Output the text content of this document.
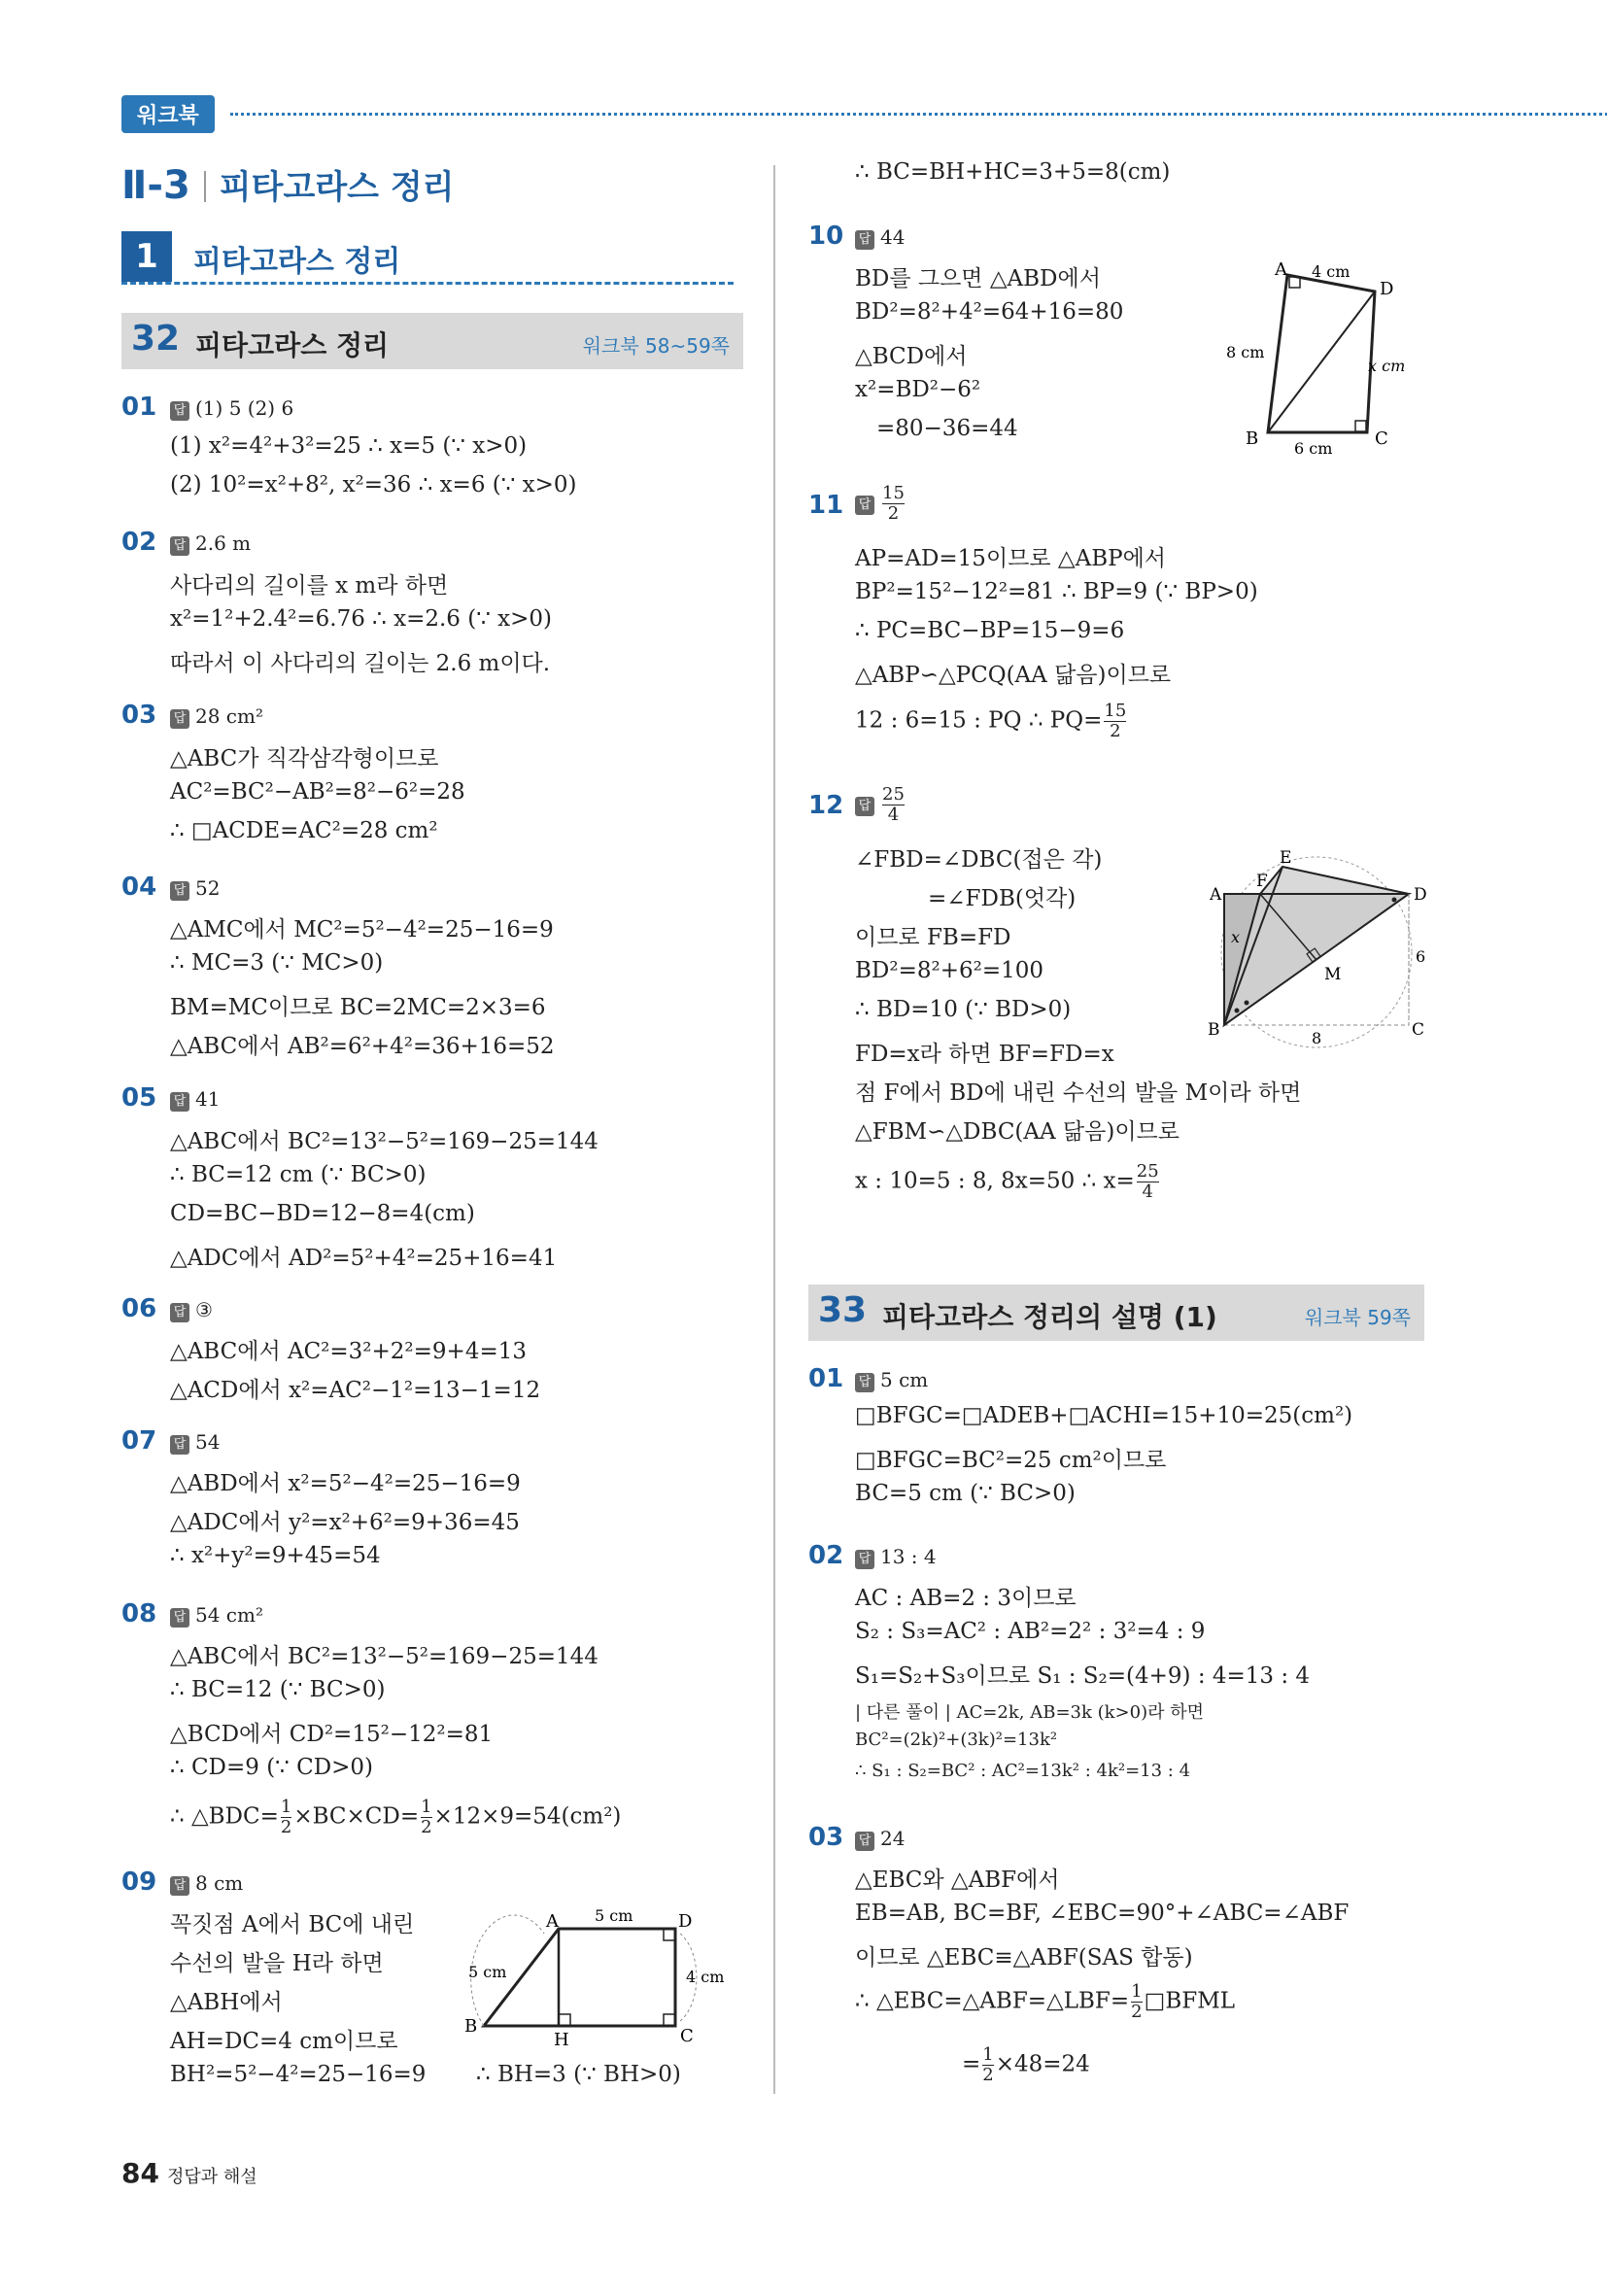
워크북
Ⅱ-3 피타고라스 정리
1	피타고라스 정리
32 피타고라스 정리	워크북 58~59쪽
01 답 (1) 5 (2) 6
(1) x²=4²+3²=25 ∴ x=5 (∵ x>0)
(2) 10²=x²+8², x²=36 ∴ x=6 (∵ x>0)
02 답 2.6 m
사다리의 길이를 x m라 하면
x²=1²+2.4²=6.76 ∴ x=2.6 (∵ x>0)
따라서 이 사다리의 길이는 2.6 m이다.
03 답 28 cm²
△ABC가 직각삼각형이므로
AC²=BC²−AB²=8²−6²=28
∴ □ACDE=AC²=28 cm²
04 답 52
△AMC에서 MC²=5²−4²=25−16=9
∴ MC=3 (∵ MC>0)
BM=MC이므로 BC=2MC=2×3=6
△ABC에서 AB²=6²+4²=36+16=52
05 답 41
△ABC에서 BC²=13²−5²=169−25=144
∴ BC=12 cm (∵ BC>0)
CD=BC−BD=12−8=4(cm)
△ADC에서 AD²=5²+4²=25+16=41
06 답 ③
△ABC에서 AC²=3²+2²=9+4=13
△ACD에서 x²=AC²−1²=13−1=12
07 답 54
△ABD에서 x²=5²−4²=25−16=9
△ADC에서 y²=x²+6²=9+36=45
∴ x²+y²=9+45=54
08 답 54 cm²
△ABC에서 BC²=13²−5²=169−25=144
∴ BC=12 (∵ BC>0)
△BCD에서 CD²=15²−12²=81
∴ CD=9 (∵ CD>0)
∴ △BDC= $\frac{1}{2} \times BC\times CD= \frac{1}{2} \times 12\times 9=54(cm^2)$
09 답 8 cm
꼭짓점 A에서 BC에 내린
수선의 발을 H라 하면
△ABH에서
AH=DC=4 cm이므로
BH²=5²−4²=25−16=9 ∴ BH=3 (∵ BH>0)
A	D
B
H	C
5 cm
5 cm	4 cm
∴ BC=BH+HC=3+5=8(cm)
10 답 44
BD를 그으면 △ABD에서
BD²=8²+4²=64+16=80
△BCD에서
x²=BD²−6²
=80−36=44
A
D
B	C
4 cm
8 cm
x cm
6 cm
11 답 $\frac{15}{2}$
AP=AD=15이므로 △ABP에서
BP²=15²−12²=81 ∴ BP=9 (∵ BP>0)
∴ PC=BC−BP=15−9=6
△ABP∽△PCQ(AA 닮음)이므로
12 : 6=15 : PQ ∴ $PQ= \frac{15}{2}$
12 답 $\frac{25}{4}$
∠FBD=∠DBC(접은 각)
=∠FDB(엇각)
이므로 FB=FD
BD²=8²+6²=100
∴ BD=10 (∵ BD>0)
FD=x라 하면 BF=FD=x
점 F에서 BD에 내린 수선의 발을 M이라 하면
△FBM∽△DBC(AA 닮음)이므로
x : 10=5 : 8, 8x=50 ∴ $x= \frac{25}{4}$
A
F
E
D
B	C
M
x
6
8
33 피타고라스 정리의 설명 (1)	워크북 59쪽
01 답 5 cm
□BFGC=□ADEB+□ACHI=15+10=25(cm²)
□BFGC=BC²=25 cm²이므로
BC=5 cm (∵ BC>0)
02 답 13 : 4
AC : AB=2 : 3이므로
S₂ : S₃=AC² : AB²=2² : 3²=4 : 9
S₁=S₂+S₃이므로 S₁ : S₂=(4+9) : 4=13 : 4
| 다른 풀이 | AC=2k, AB=3k (k>0)라 하면
BC²=(2k)²+(3k)²=13k²
∴ S₁ : S₂=BC² : AC²=13k² : 4k²=13 : 4
03 답 24
△EBC와 △ABF에서
EB=AB, BC=BF, ∠EBC=90°+∠ABC=∠ABF
이므로 △EBC≡△ABF(SAS 합동)
∴ △EBC=△ABF=△LBF= $\frac{1}{2}$ □BFML
= $\frac{1}{2} \times 48=24$
84 정답과 해설
